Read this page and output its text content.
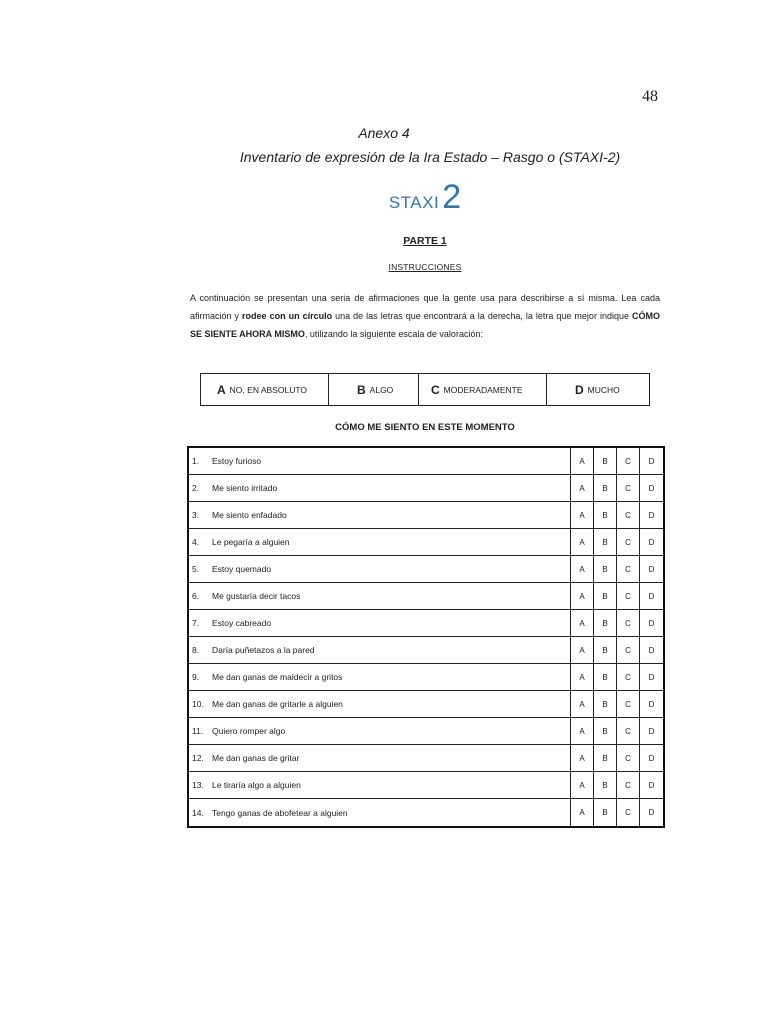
48
Anexo 4
Inventario de expresión de la Ira Estado – Rasgo o (STAXI-2)
STAXI2
PARTE 1
INSTRUCCIONES
A continuación se presentan una seria de afirmaciones que la gente usa para describirse a sí misma. Lea cada afirmación y rodee con un círculo una de las letras que encontrará a la derecha, la letra que mejor indique CÓMO SE SIENTE AHORA MISMO, utilizando la siguiente escala de valoración:
A NO, EN ABSOLUTO	B ALGO	C MODERADAMENTE	D MUCHO
CÓMO ME SIENTO EN ESTE MOMENTO
1.	Estoy furioso	A	B	C	D
2.	Me siento irritado	A	B	C	D
3.	Me siento enfadado	A	B	C	D
4.	Le pegaría a alguien	A	B	C	D
5.	Estoy quemado	A	B	C	D
6.	Me gustaría decir tacos	A	B	C	D
7.	Estoy cabreado	A	B	C	D
8.	Daría puñetazos a la pared	A	B	C	D
9.	Me dan ganas de maldecir a gritos	A	B	C	D
10. Me dan ganas de gritarle a alguien	A	B	C	D
11.	Quiero romper algo	A	B	C	D
12. Me dan ganas de gritar	A	B	C	D
13. Le tiraría algo a alguien	A	B	C	D
14. Tengo ganas de abofetear a alguien	A	B	C	D
